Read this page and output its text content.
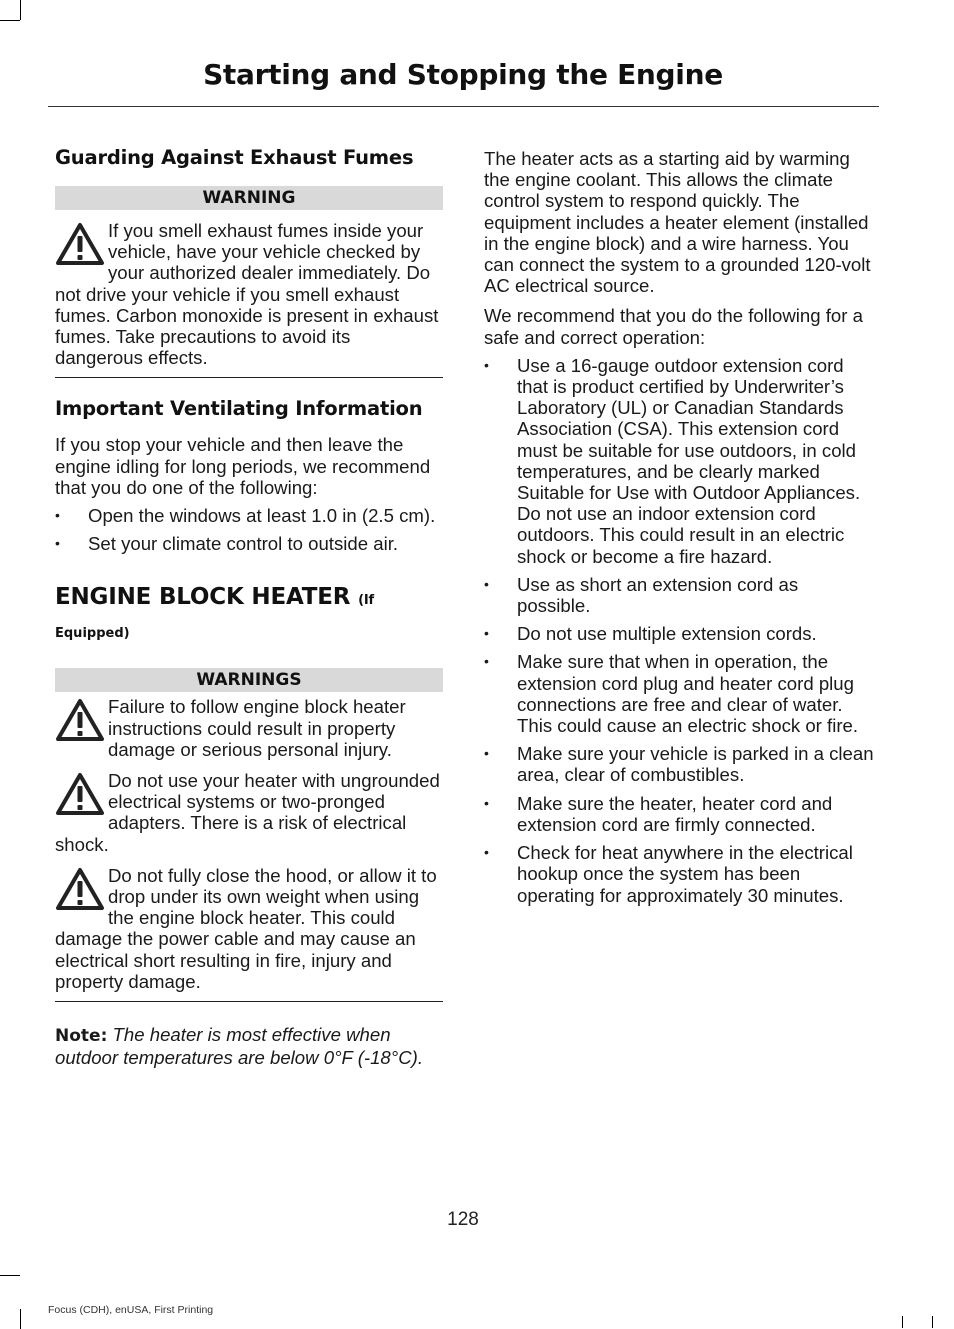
Starting and Stopping the Engine
Guarding Against Exhaust Fumes
WARNING
If you smell exhaust fumes inside your vehicle, have your vehicle checked by your authorized dealer immediately. Do not drive your vehicle if you smell exhaust fumes. Carbon monoxide is present in exhaust fumes. Take precautions to avoid its dangerous effects.
Important Ventilating Information

If you stop your vehicle and then leave the engine idling for long periods, we recommend that you do one of the following:

• Open the windows at least 1.0 in (2.5 cm).
• Set your climate control to outside air.
ENGINE BLOCK HEATER (If
Equipped)
WARNINGS
Failure to follow engine block heater instructions could result in property damage or serious personal injury.
Do not use your heater with ungrounded electrical systems or two-pronged adapters. There is a risk of electrical shock.
Do not fully close the hood, or allow it to drop under its own weight when using the engine block heater. This could damage the power cable and may cause an electrical short resulting in fire, injury and property damage.

Note: The heater is most effective when outdoor temperatures are below 0°F (-18°C).

The heater acts as a starting aid by warming the engine coolant. This allows the climate control system to respond quickly. The equipment includes a heater element (installed in the engine block) and a wire harness. You can connect the system to a grounded 120-volt AC electrical source.

We recommend that you do the following for a safe and correct operation:

• Use a 16-gauge outdoor extension cord that is product certified by Underwriter’s Laboratory (UL) or Canadian Standards Association (CSA). This extension cord must be suitable for use outdoors, in cold temperatures, and be clearly marked Suitable for Use with Outdoor Appliances. Do not use an indoor extension cord outdoors. This could result in an electric shock or become a fire hazard.
• Use as short an extension cord as possible.
• Do not use multiple extension cords.
• Make sure that when in operation, the extension cord plug and heater cord plug connections are free and clear of water. This could cause an electric shock or fire.
• Make sure your vehicle is parked in a clean area, clear of combustibles.
• Make sure the heater, heater cord and extension cord are firmly connected.
• Check for heat anywhere in the electrical hookup once the system has been operating for approximately 30 minutes.
128
Focus (CDH), enUSA, First Printing
